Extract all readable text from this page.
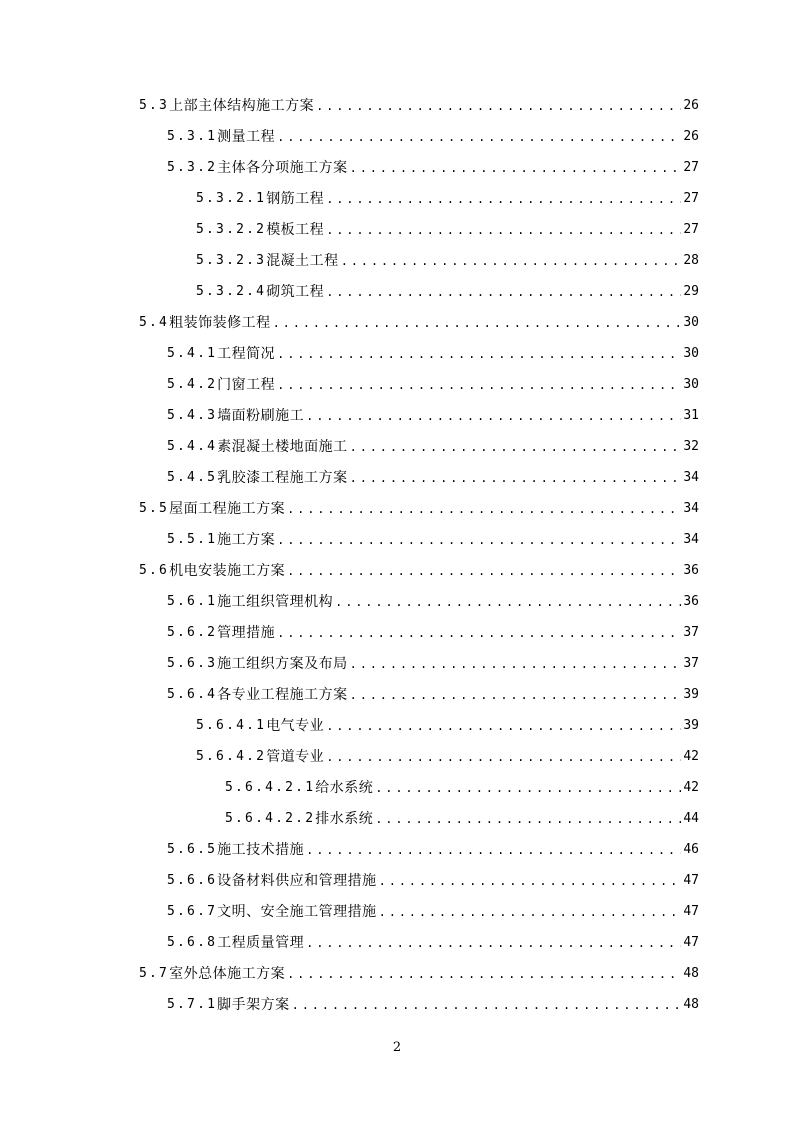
5.3 上部主体结构施工方案 . . .	26
5.3.1 测量工程 . . .	26
5.3.2 主体各分项施工方案 . . .	27
5.3.2.1 钢筋工程 . . .	27
5.3.2.2 模板工程 . . .	27
5.3.2.3 混凝土工程 . . .	28
5.3.2.4 砌筑工程 . . .	29
5.4 粗装饰装修工程 . . .	30
5.4.1 工程简况 . . .	30
5.4.2 门窗工程 . . .	30
5.4.3 墙面粉刷施工 . . .	31
5.4.4 素混凝土楼地面施工 . . .	32
5.4.5 乳胶漆工程施工方案 . . .	34
5.5 屋面工程施工方案 . . .	34
5.5.1 施工方案 . . .	34
5.6 机电安装施工方案 . . .	36
5.6.1 施工组织管理机构 . . .	36
5.6.2 管理措施 . . .	37
5.6.3 施工组织方案及布局 . . .	37
5.6.4 各专业工程施工方案 . . .	39
5.6.4.1 电气专业 . . .	39
5.6.4.2 管道专业 . . .	42
5.6.4.2.1 给水系统 . . .	42
5.6.4.2.2 排水系统 . . .	44
5.6.5 施工技术措施 . . .	46
5.6.6 设备材料供应和管理措施 . . .	47
5.6.7 文明、安全施工管理措施 . . .	47
5.6.8 工程质量管理 . . .	47
5.7 室外总体施工方案 . . .	48
5.7.1 脚手架方案 . . .	48
2
